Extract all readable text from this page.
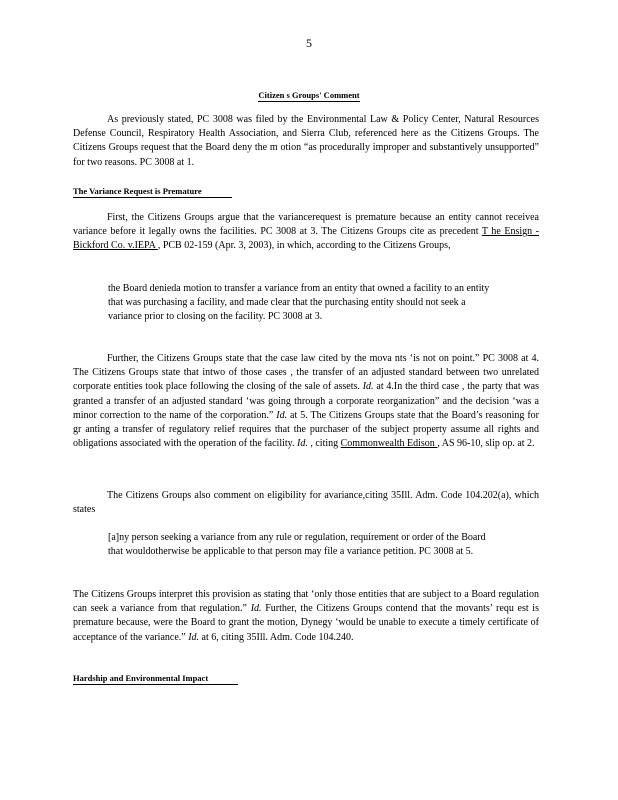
5
Citizen s Groups' Comment
As previously stated, PC 3008 was filed by the Environmental Law & Policy Center, Natural Resources Defense Council, Respiratory Health Association, and Sierra Club, referenced here as the Citizens Groups. The Citizens Groups request that the Board deny the m otion “as procedurally improper and substantively unsupported” for two reasons. PC 3008 at 1.
The Variance Request is Premature
First, the Citizens Groups argue that the variancerequest is premature because an entity cannot receivea variance before it legally owns the facilities. PC 3008 at 3. The Citizens Groups cite as precedent T he Ensign -Bickford Co. v.IEPA , PCB 02-159 (Apr. 3, 2003), in which, according to the Citizens Groups,
the Board denieda motion to transfer a variance from an entity that owned a facility to an entity that was purchasing a facility, and made clear that the purchasing entity should not seek a variance prior to closing on the facility. PC 3008 at 3.
Further, the Citizens Groups state that the case law cited by the mova nts ‘is not on point.” PC 3008 at 4. The Citizens Groups state that intwo of those cases , the transfer of an adjusted standard between two unrelated corporate entities took place following the closing of the sale of assets. Id. at 4.In the third case , the party that was granted a transfer of an adjusted standard ‘was going through a corporate reorganization” and the decision ‘was a minor correction to the name of the corporation.” Id. at 5. The Citizens Groups state that the Board’s reasoning for gr anting a transfer of regulatory relief requires that the purchaser of the subject property assume all rights and obligations associated with the operation of the facility. Id. , citing Commonwealth Edison , AS 96-10, slip op. at 2.
The Citizens Groups also comment on eligibility for avariance,citing 35Ill. Adm. Code 104.202(a), which states
[a]ny person seeking a variance from any rule or regulation, requirement or order of the Board that wouldotherwise be applicable to that person may file a variance petition. PC 3008 at 5.
The Citizens Groups interpret this provision as stating that ‘only those entities that are subject to a Board regulation can seek a variance from that regulation.” Id. Further, the Citizens Groups contend that the movants’ requ est is premature because, were the Board to grant the motion, Dynegy ‘would be unable to execute a timely certificate of acceptance of the variance.” Id. at 6, citing 35Ill. Adm. Code 104.240.
Hardship and Environmental Impact
